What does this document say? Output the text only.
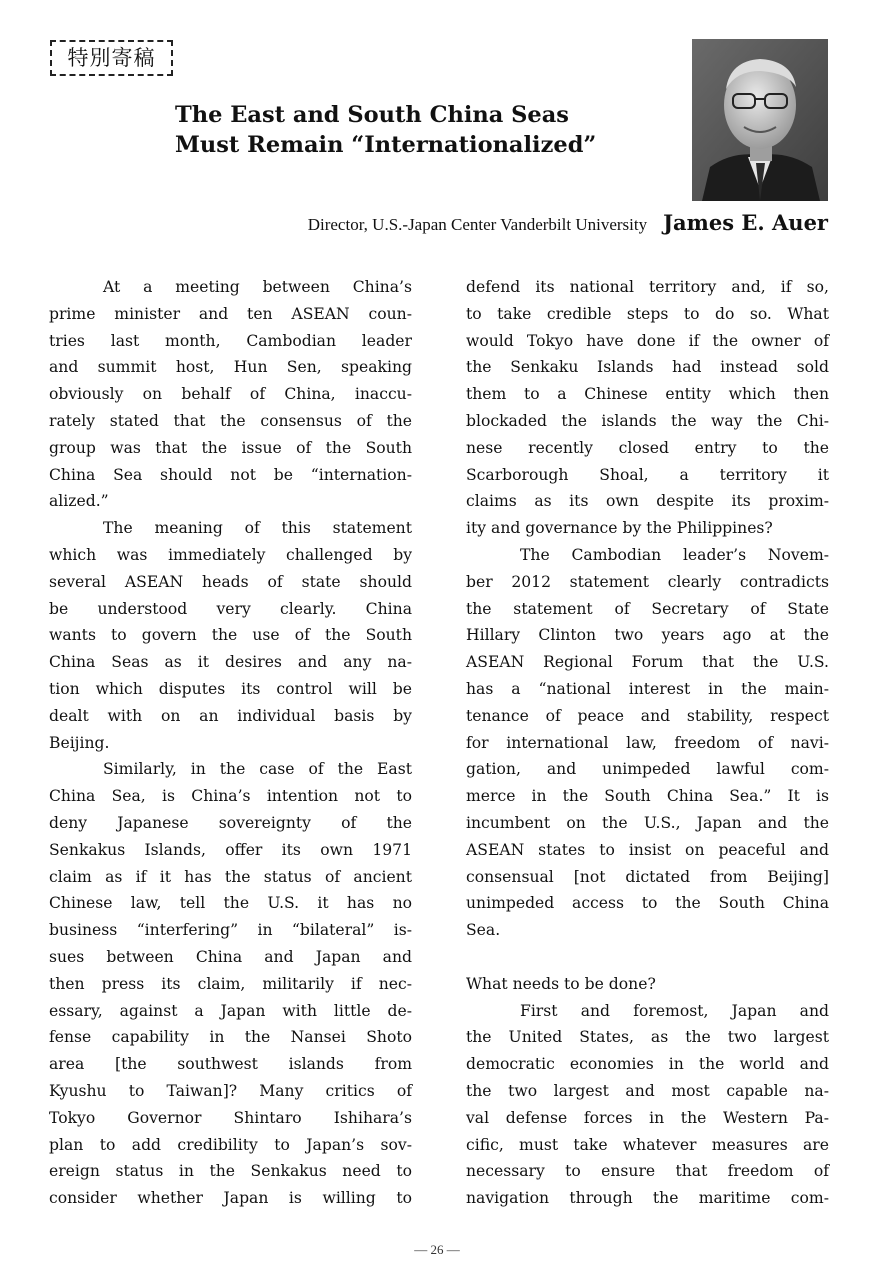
特別寄稿
The East and South China Seas
Must Remain “Internationalized”
Director, U.S.-Japan Center Vanderbilt University James E. Auer
At a meeting between China’s
prime minister and ten ASEAN coun-
tries last month, Cambodian leader
and summit host, Hun Sen, speaking
obviously on behalf of China, inaccu-
rately stated that the consensus of the
group was that the issue of the South
China Sea should not be “internation-
alized.”
The meaning of this statement
which was immediately challenged by
several ASEAN heads of state should
be understood very clearly. China
wants to govern the use of the South
China Seas as it desires and any na-
tion which disputes its control will be
dealt with on an individual basis by
Beijing.
Similarly, in the case of the East
China Sea, is China’s intention not to
deny Japanese sovereignty of the
Senkakus Islands, offer its own 1971
claim as if it has the status of ancient
Chinese law, tell the U.S. it has no
business “interfering” in “bilateral” is-
sues between China and Japan and
then press its claim, militarily if nec-
essary, against a Japan with little de-
fense capability in the Nansei Shoto
area [the southwest islands from
Kyushu to Taiwan]? Many critics of
Tokyo Governor Shintaro Ishihara’s
plan to add credibility to Japan’s sov-
ereign status in the Senkakus need to
consider whether Japan is willing to
defend its national territory and, if so,
to take credible steps to do so. What
would Tokyo have done if the owner of
the Senkaku Islands had instead sold
them to a Chinese entity which then
blockaded the islands the way the Chi-
nese recently closed entry to the
Scarborough Shoal, a territory it
claims as its own despite its proxim-
ity and governance by the Philippines?
The Cambodian leader’s Novem-
ber 2012 statement clearly contradicts
the statement of Secretary of State
Hillary Clinton two years ago at the
ASEAN Regional Forum that the U.S.
has a “national interest in the main-
tenance of peace and stability, respect
for international law, freedom of navi-
gation, and unimpeded lawful com-
merce in the South China Sea.” It is
incumbent on the U.S., Japan and the
ASEAN states to insist on peaceful and
consensual [not dictated from Beijing]
unimpeded access to the South China
Sea.
What needs to be done?
First and foremost, Japan and
the United States, as the two largest
democratic economies in the world and
the two largest and most capable na-
val defense forces in the Western Pa-
cific, must take whatever measures are
necessary to ensure that freedom of
navigation through the maritime com-
— 26 —
